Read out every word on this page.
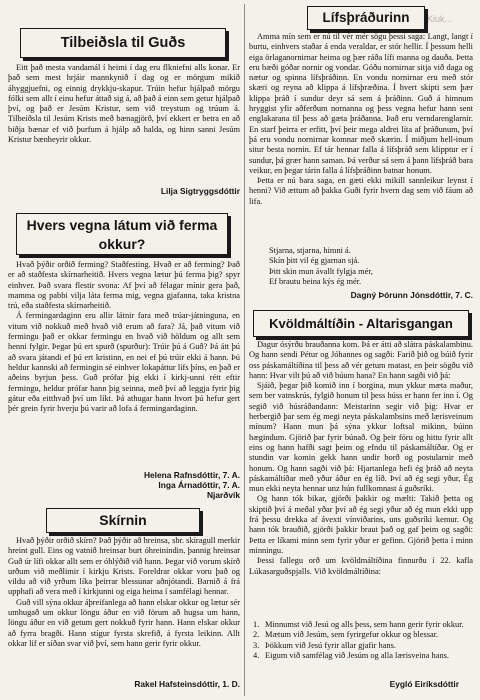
Tilbeiðsla til Guðs

Eitt það mesta vandamál í heimi í dag eru flkniefni alls konar. Er það sem mest hrjáir mannkynið í dag og er mörgum mikið áhyggjuefni, og einnig drykkju-skapur. Trúin hefur hjálpað mörgu fólki sem allt í einu hefur áttað sig á, að það á einn sem getur hjálpað því, og það er Jesúm Kristur, sem við treystum og trúum á. Tilbeiðsla til Jesúm Krists með bænagjörð, því ekkert er betra en að biðja bænar ef við þurfum á hjálp að halda, og hinn sanni Jesúm Kristur bænheyrir okkur.

Lilja Sigtryggsdóttir
Hvers vegna látum við ferma okkur?

Hvað þýðir orðið ferming? Staðfesting. Hvað er að ferming? Það er að staðfesta skírnarheitið. Hvers vegna lætur þú ferma þig? spyr einhver. Það svara flestir svona: Af því að félagar mínir gera það, mamma og pabbi vilja láta ferma mig, vegna gjafanna, taka kristna trú, eða staðfesta skírnarheitið.

Á fermingardaginn eru allir látnir fara með trúar-játninguna, en vitum við nokkuð með hvað við erum að fara? Já, það vitum við fermingu það er okkar fermingu en hvað við höldum og allt sem henni fylgir. Þegar þú ert spurð (spurður): Trúir þú á Guð? Þá átt þú að svara játandi ef þú ert kristinn, en nei ef þú trúir ekki á hann. Þú heldur kannski að fermingin sé einhver lokapáttur lífs þíns, en það er aðeins byrjun þess. Guð prófar þig ekki í kirkj-unni rétt eftir fermingu, heldur prófar hann þig seinna, með því að leggja fyrir þig gátur eða eitthvað því um líkt. Þá athugar hann hvort þú hefur gert þér grein fyrir hverju þú varir að lofa á fermingardaginn.

Helena Rafnsdóttir, 7. A.
Inga Árnadóttir, 7. A.
Njarðvík
Skírnin

Hvað þýðir orðið skírn? Það þýðir að hreinsa, sbr. skíragull merkir hreint gull. Eins og vatnið hreinsar burt óhreinindin, þannig hreinsar Guð úr lífi okkar allt sem er óhlýðið við hann. Þegar við vorum skírð urðum við meðlimir í kirkju Krists. Foreldrar okkar voru það og vildu að við yrðum líka þeirrar blessunar aðnjótandi. Barnið á frá upphafi að vera með í kirkjunni og eiga heima í samfélagi hennar.

Guð vill sýna okkur áþreifanlega að hann elskar okkur og lætur sér umhugað um okkur löngu áður en við förum að hugsa um hann, löngu áður en við getum gert nokkuð fyrir hann. Hann elskar okkur að fyrra bragði. Hann stígur fyrsta skrefið, á fyrsta leikinn. Allt okkar líf er síðan svar við því, sem hann gerir fyrir okkur.

Rakel Hafsteinsdóttir, 1. D.
Kiuk...
Lífsþráðurinn

Amma mín sem er nú til vér mér sögu þessi saga: Langt, langt í burtu, einhvers staðar á enda veraldar, er stór hellir. Í þessum helli eiga örlaganornirnar heima og þær ráða lífi manna og dauða. Þetta eru bæði góðar nornir og vondar. Góðu nornirnar sitja við daga og nætur og spinna lífsþráðinn. En vondu nornirnar eru með stór skæri og reyna að klippa á lífsþræðina. Í hvert skipti sem þær klippa þráð í sundur deyr sá sem á þráðinn. Guð á himnum hryggist yfir aðferðum nornanna og þess vegna hefur hann sent englakarana til þess að gæta þráðanna. Það eru verndarenglarnir. En starf þeirra er erfitt, því þeir mega aldrei líta af þráðunum, því þá eru vondu nornirnar komnar með skærin. Í miðjum hell-inum situr besta nornin. Ef tár hennar falla á lífsþráð sem klipptur er í sundur, þá grær hann saman. Þá verður sá sem á þann lífsþráð bara veikur, en þegar tárin falla á lífsþráðinn batnar honum.

Þetta er nú bara saga, en gæti ekki mikill sannleikur leynst í henni? Við ættum að þakka Guði fyrir hvern dag sem við fáum að lifa.

Stjarna, stjarna, himni á.
Skín þitt vil ég gjarnan sjá.
Þitt skin mun ávallt fylgja mér,
Ef brautu beina kýs ég mér.
Dagný Þórunn Jónsdóttir, 7. C.
Kvöldmáltíðin - Altarisgangan

Dagur ósýrðu brauðanna kom. Þá er átti að slátra páskalambinu. Og hann sendi Pétur og Jóhannes og sagði: Farið þið og búið fyrir oss páskamáltíðina til þess að vér getum matast, en þeir sögðu við hann: Hvar vilt þú að við búum hana? En hann sagði við þá:

Sjáið, þegar þið komið inn í borgina, mun ykkur mæta maður, sem ber vatnskrús, fylgið honum til þess húss er hann fer inn í. Og segið við húsráðandann: Meistarinn segir við þig: Hvar er herbergið þar sem ég megi neyta páskalambsins með lærisveinum mínum? Hann mun þá sýna ykkur loftsal mikinn, búinn hægindum. Gjörið þar fyrir búnað. Og þeir fóru og hittu fyrir allt eins og hann hafði sagt þeim og efndu til páskamáltíðar. Og er stundin var komin gekk hann undir borð og postularnir með honum. Og hann sagði við þá: Hjartanlega hefi ég þráð að neyta páskamáltíðar með yður áður en ég líð. Því að ég segi yður, Ég mun ekki neyta hennar unz hún fullkomnast á guðsríki.

Og hann tók bikar, gjörði þakkir og mælti: Takið þetta og skiptið því á meðal yðar því að ég segi yður að ég mun ekki upp frá þessu drekka af ávexti vínviðarins, uns guðsríki kemur. Og hann tók brauðið, gjörði þakkir braut það og gaf þeim og sagði: Þetta er líkami minn sem fyrir yður er gefinn. Gjörið þetta í minn minningu.

Þessi fallegu orð um kvöldmáltíðina finnurðu í 22. kafla Lúkasarguðspjalls. Við kvöldmáltíðina:

1. Minnumst við Jesú og alls þess, sem hann gerir fyrir okkur.
2. Mætum við Jesúm, sem fyrirgefur okkur og blessar.
3. Þökkum við Jesú fyrir allar gjafir hans.
4. Eigum við samfélag við Jesúm og alla lærisveina hans.
Eygló Eiríksdóttir
